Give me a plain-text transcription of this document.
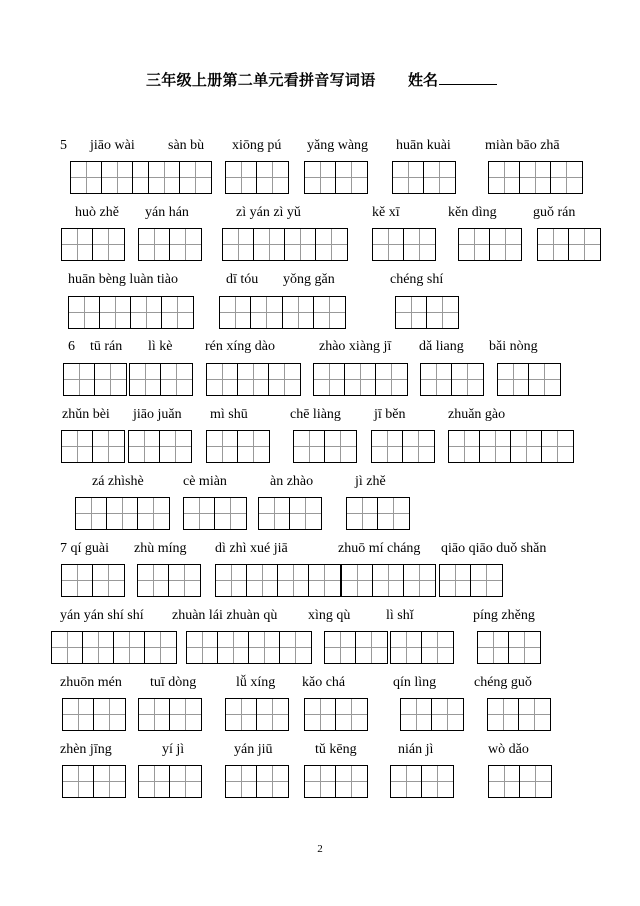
三年级上册第二单元看拼音写词语 姓名
5 jiāo wài sàn bù xiōng pú yǎng wàng huān kuài miàn bāo zhā
huò zhě yán hán	zì yán zì yǔ	kě xī	kěn dìng	guǒ rán
huān bèng luàn tiào	dī tóu yǒng gǎn	chéng shí
6 tū rán lì kè rén xíng dào	zhào xiàng jī dǎ liang bǎi nòng
zhǔn bèi jiāo juǎn mì shū	chē liàng jī běn	zhuǎn gào
zá zhìshè	cè miàn	àn zhào	jì zhě
7 qí guài zhù míng dì zhì xué jiā	zhuō mí cháng qiāo qiāo duǒ shǎn
yán yán shí shí zhuàn lái zhuàn qù xìng qù	lì shǐ	píng zhěng
zhuōn mén tuī dòng	lǚ xíng kǎo chá	qín lìng	chéng guǒ
zhèn jīng	yí jì	yán jiū	tǔ kēng	nián jì	wò dǎo
2
